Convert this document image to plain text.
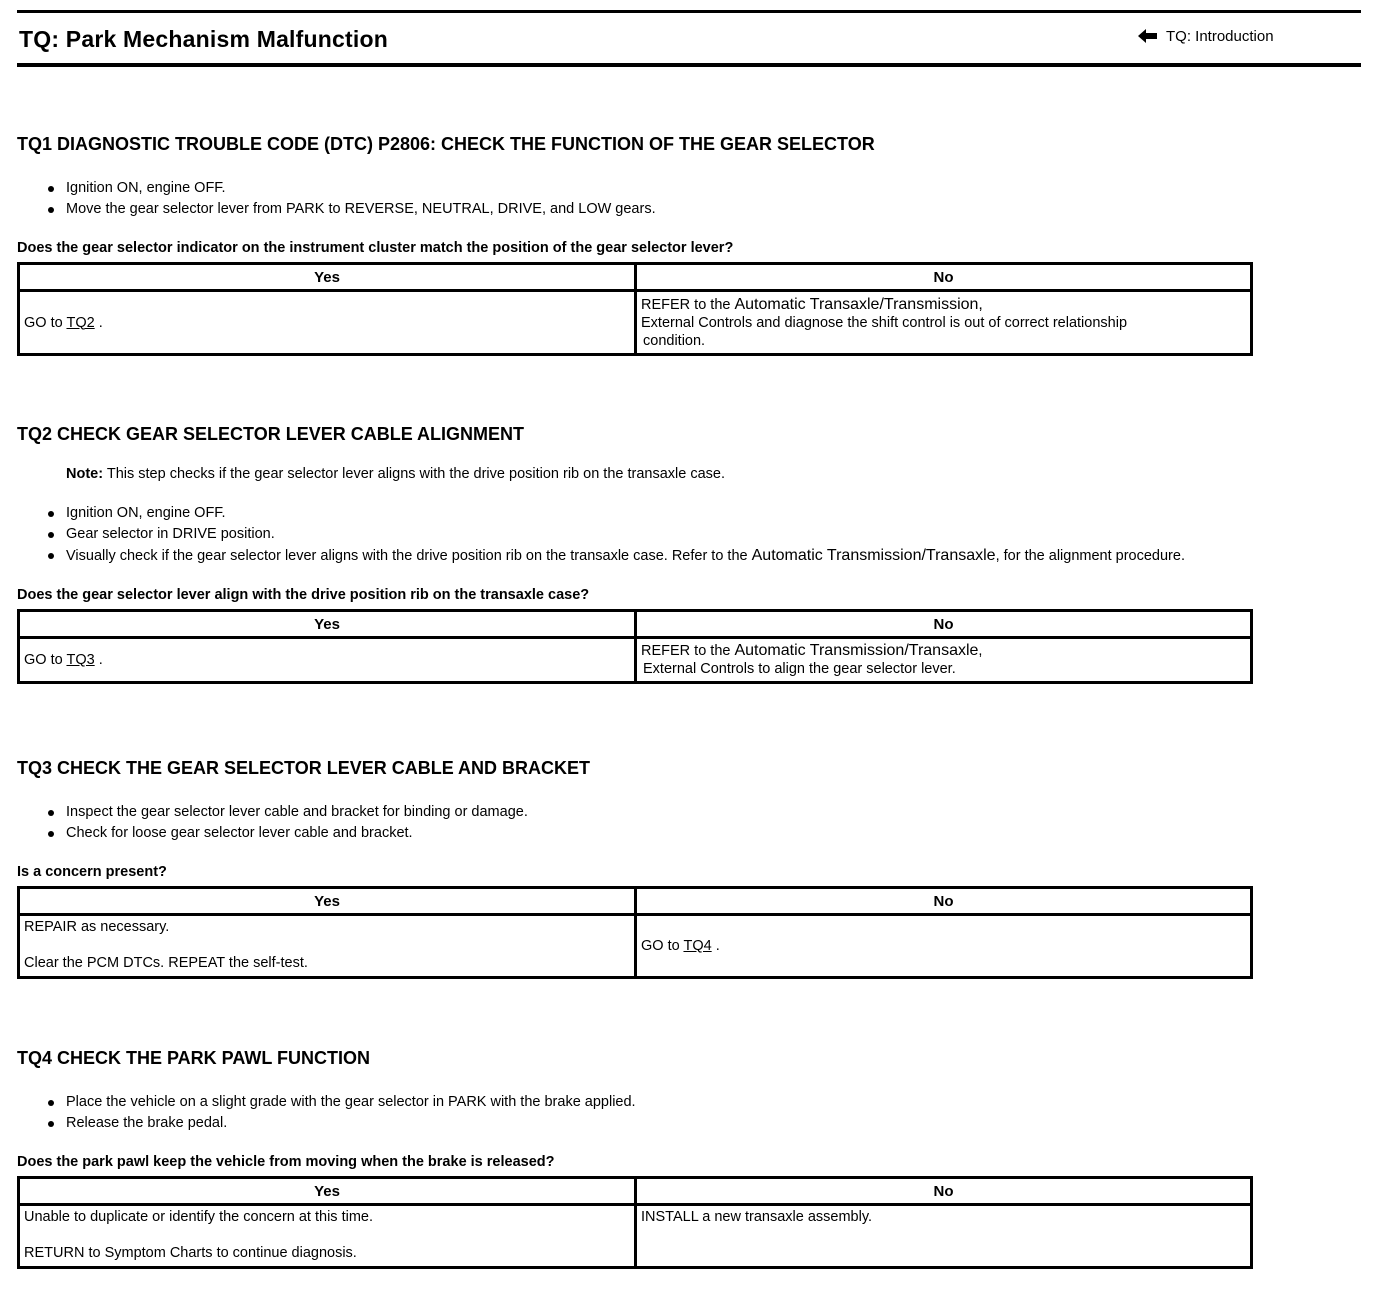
TQ: Park Mechanism Malfunction	TQ: Introduction
TQ1 DIAGNOSTIC TROUBLE CODE (DTC) P2806: CHECK THE FUNCTION OF THE GEAR SELECTOR
Ignition ON, engine OFF.
Move the gear selector lever from PARK to REVERSE, NEUTRAL, DRIVE, and LOW gears.
Does the gear selector indicator on the instrument cluster match the position of the gear selector lever?
Yes	No
GO to TQ2 .	REFER to the Automatic Transaxle/Transmission,
External Controls and diagnose the shift control is out of correct relationship
condition.
TQ2 CHECK GEAR SELECTOR LEVER CABLE ALIGNMENT
Note: This step checks if the gear selector lever aligns with the drive position rib on the transaxle case.
Ignition ON, engine OFF.
Gear selector in DRIVE position.
Visually check if the gear selector lever aligns with the drive position rib on the transaxle case. Refer to the Automatic Transmission/Transaxle, for the alignment procedure.
Does the gear selector lever align with the drive position rib on the transaxle case?
Yes	No
GO to TQ3 .	REFER to the Automatic Transmission/Transaxle,
External Controls to align the gear selector lever.
TQ3 CHECK THE GEAR SELECTOR LEVER CABLE AND BRACKET
Inspect the gear selector lever cable and bracket for binding or damage.
Check for loose gear selector lever cable and bracket.
Is a concern present?
Yes	No

REPAIR as necessary.
Clear the PCM DTCs. REPEAT the self-test.	GO to TQ4 .
TQ4 CHECK THE PARK PAWL FUNCTION
Place the vehicle on a slight grade with the gear selector in PARK with the brake applied.
Release the brake pedal.
Does the park pawl keep the vehicle from moving when the brake is released?
Yes	No

Unable to duplicate or identify the concern at this time.
RETURN to Symptom Charts to continue diagnosis.	INSTALL a new transaxle assembly.
